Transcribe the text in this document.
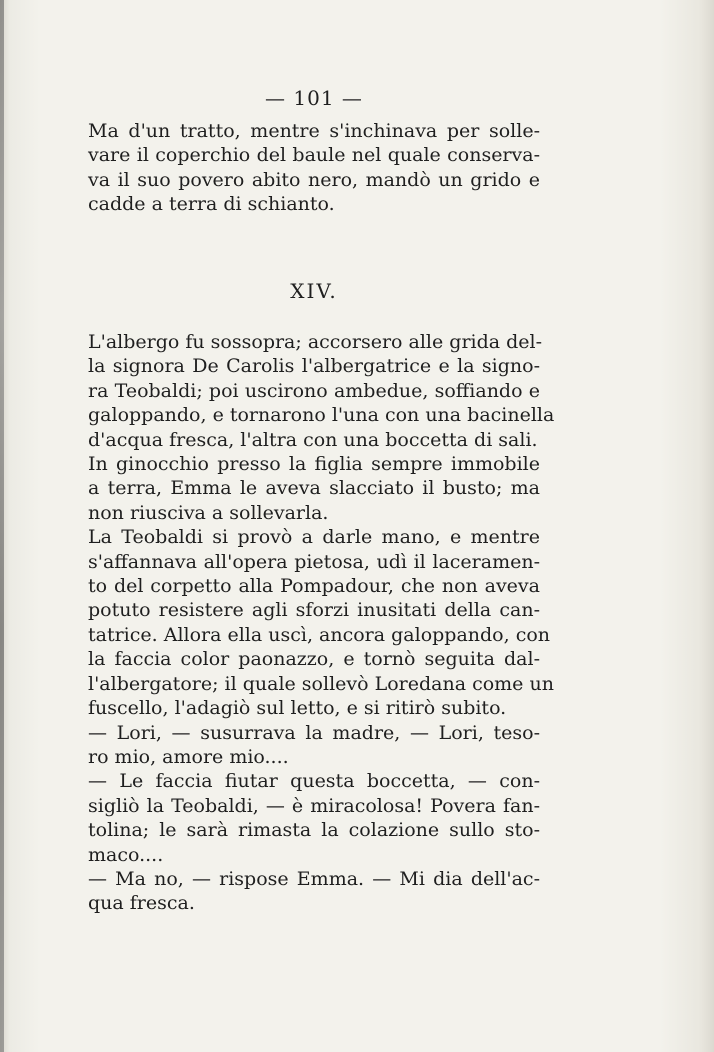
— 101 —
Ma d'un tratto, mentre s'inchinava per solle-
vare il coperchio del baule nel quale conserva-
va il suo povero abito nero, mandò un grido e
cadde a terra di schianto.
XIV.
L'albergo fu sossopra; accorsero alle grida del-
la signora De Carolis l'albergatrice e la signo-
ra Teobaldi; poi uscirono ambedue, soffiando e
galoppando, e tornarono l'una con una bacinella
d'acqua fresca, l'altra con una boccetta di sali.
In ginocchio presso la figlia sempre immobile
a terra, Emma le aveva slacciato il busto; ma
non riusciva a sollevarla.
La Teobaldi si provò a darle mano, e mentre
s'affannava all'opera pietosa, udì il laceramen-
to del corpetto alla Pompadour, che non aveva
potuto resistere agli sforzi inusitati della can-
tatrice. Allora ella uscì, ancora galoppando, con
la faccia color paonazzo, e tornò seguita dal-
l'albergatore; il quale sollevò Loredana come un
fuscello, l'adagiò sul letto, e si ritirò subito.
— Lori, — susurrava la madre, — Lori, teso-
ro mio, amore mio....
— Le faccia fiutar questa boccetta, — con-
sigliò la Teobaldi, — è miracolosa! Povera fan-
tolina; le sarà rimasta la colazione sullo sto-
maco....
— Ma no, — rispose Emma. — Mi dia dell'ac-
qua fresca.
